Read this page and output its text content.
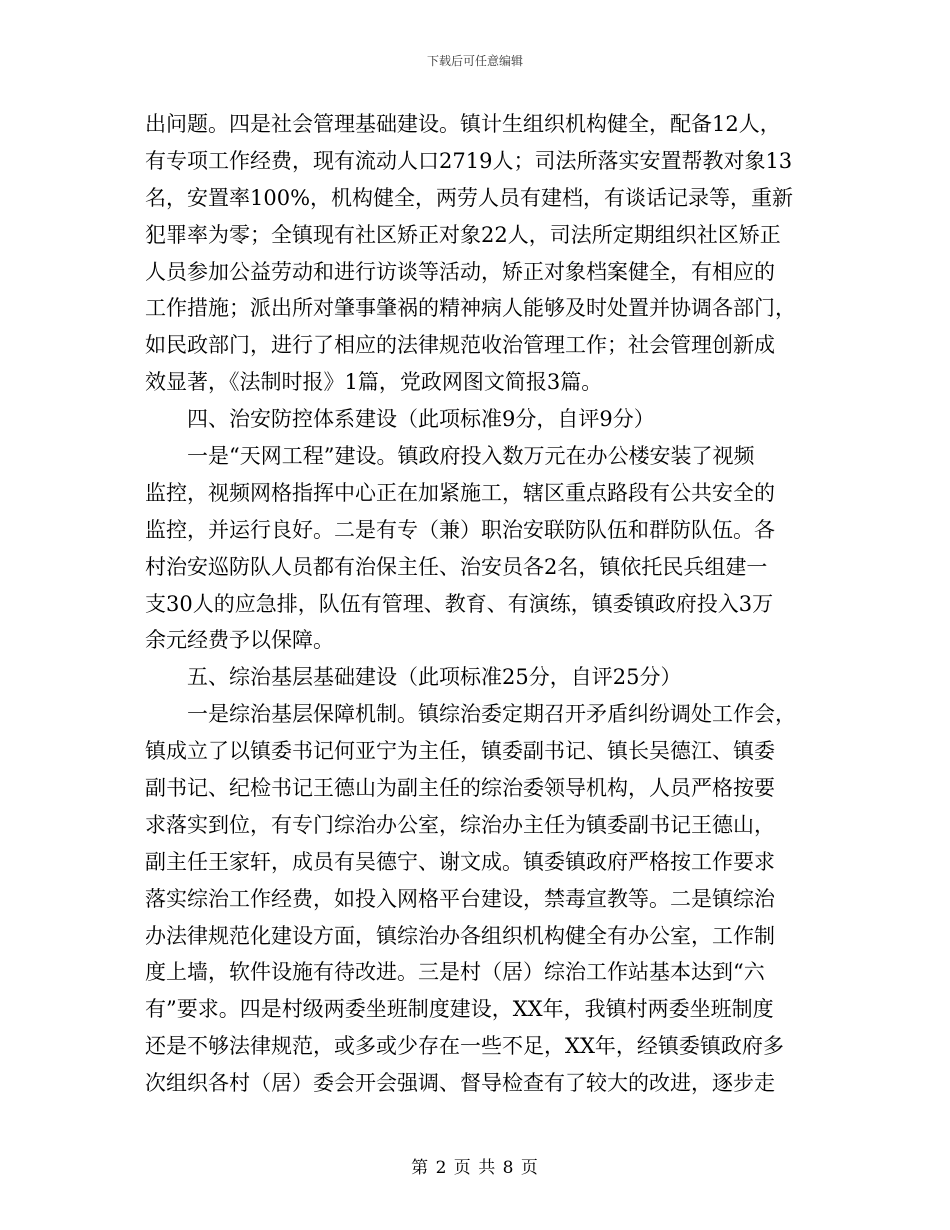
下载后可任意编辑
出问题。四是社会管理基础建设。镇计生组织机构健全，配备12人，
有专项工作经费，现有流动人口2719人；司法所落实安置帮教对象13
名，安置率100%，机构健全，两劳人员有建档，有谈话记录等，重新
犯罪率为零；全镇现有社区矫正对象22人，司法所定期组织社区矫正
人员参加公益劳动和进行访谈等活动，矫正对象档案健全，有相应的
工作措施；派出所对肇事肇祸的精神病人能够及时处置并协调各部门，
如民政部门，进行了相应的法律规范收治管理工作；社会管理创新成
效显著，《法制时报》1篇，党政网图文简报3篇。
四、治安防控体系建设（此项标准9分，自评9分）
一是“天网工程”建设。镇政府投入数万元在办公楼安装了视频
监控，视频网格指挥中心正在加紧施工，辖区重点路段有公共安全的
监控，并运行良好。二是有专（兼）职治安联防队伍和群防队伍。各
村治安巡防队人员都有治保主任、治安员各2名，镇依托民兵组建一
支30人的应急排，队伍有管理、教育、有演练，镇委镇政府投入3万
余元经费予以保障。
五、综治基层基础建设（此项标准25分，自评25分）
一是综治基层保障机制。镇综治委定期召开矛盾纠纷调处工作会，
镇成立了以镇委书记何亚宁为主任，镇委副书记、镇长吴德江、镇委
副书记、纪检书记王德山为副主任的综治委领导机构，人员严格按要
求落实到位，有专门综治办公室，综治办主任为镇委副书记王德山，
副主任王家轩，成员有吴德宁、谢文成。镇委镇政府严格按工作要求
落实综治工作经费，如投入网格平台建设，禁毒宣教等。二是镇综治
办法律规范化建设方面，镇综治办各组织机构健全有办公室，工作制
度上墙，软件设施有待改进。三是村（居）综治工作站基本达到“六
有”要求。四是村级两委坐班制度建设，XX年，我镇村两委坐班制度
还是不够法律规范，或多或少存在一些不足，XX年，经镇委镇政府多
次组织各村（居）委会开会强调、督导检查有了较大的改进，逐步走
第 2 页 共 8 页
